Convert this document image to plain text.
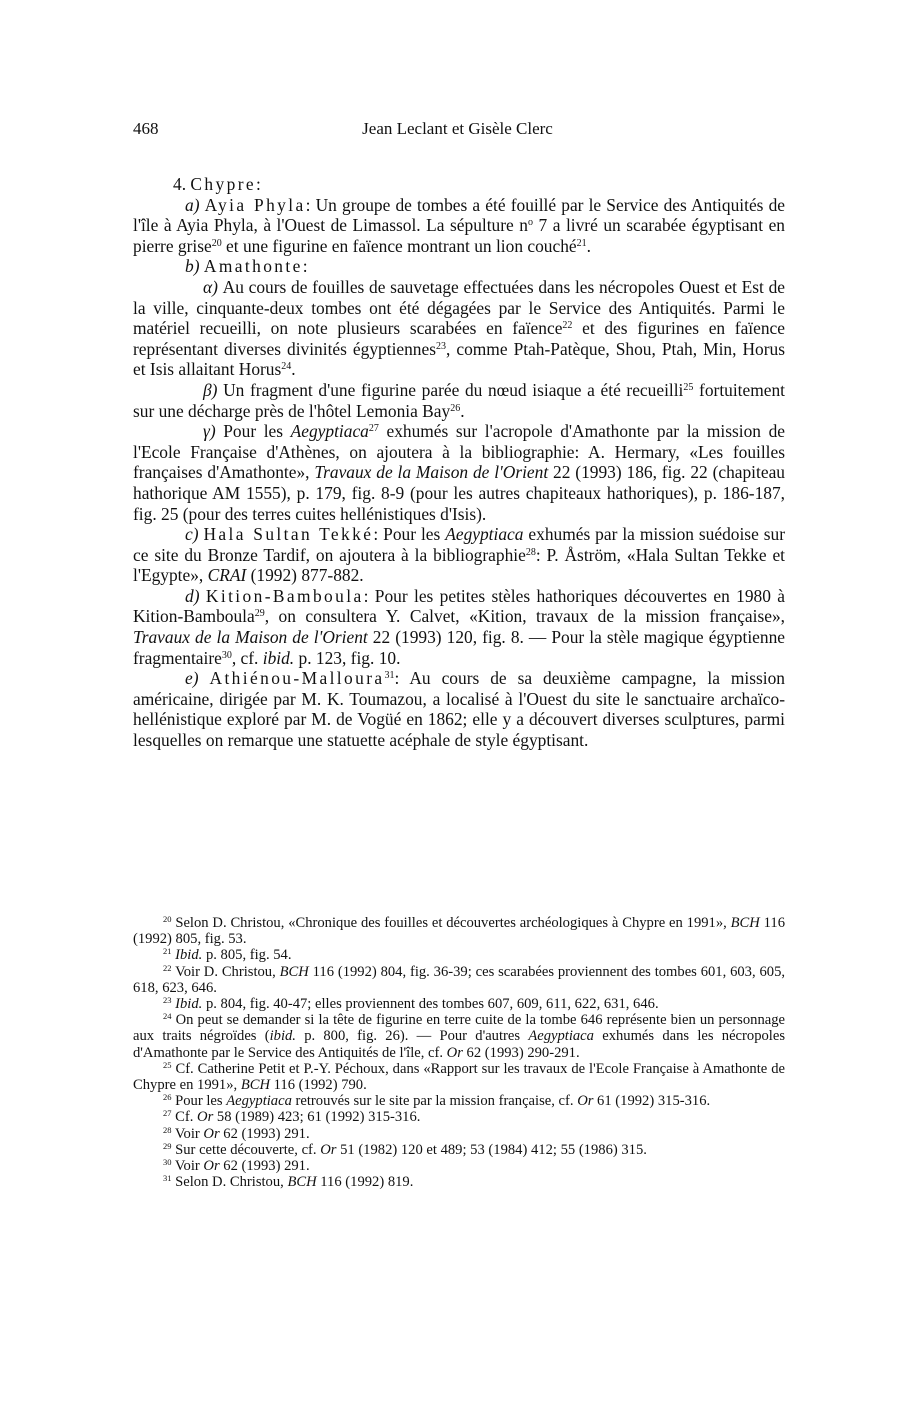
468	Jean Leclant et Gisèle Clerc

4. Chypre:

a) Ayia Phyla: Un groupe de tombes a été fouillé par le Service des Antiquités de l'île à Ayia Phyla, à l'Ouest de Limassol. La sépulture $n^o$ 7 a livré un scarabée égyptisant en pierre grise$^{20}$ et une figurine en faïence montrant un lion couché$^{21}$.

b) Amathonte:

α) Au cours de fouilles de sauvetage effectuées dans les nécropoles Ouest et Est de la ville, cinquante-deux tombes ont été dégagées par le Service des Antiquités. Parmi le matériel recueilli, on note plusieurs scarabées en faïence$^{22}$ et des figurines en faïence représentant diverses divinités égyptiennes$^{23}$, comme Ptah-Patèque, Shou, Ptah, Min, Horus et Isis allaitant Horus$^{24}$.

β) Un fragment d'une figurine parée du nœud isiaque a été recueilli$^{25}$ fortuitement sur une décharge près de l'hôtel Lemonia Bay$^{26}$.

γ) Pour les Aegyptiaca$^{27}$ exhumés sur l'acropole d'Amathonte par la mission de l'Ecole Française d'Athènes, on ajoutera à la bibliographie: A. Hermary, «Les fouilles françaises d'Amathonte», Travaux de la Maison de l'Orient 22 (1993) 186, fig. 22 (chapiteau hathorique AM 1555), p. 179, fig. 8-9 (pour les autres chapiteaux hathoriques), p. 186-187, fig. 25 (pour des terres cuites hellénistiques d'Isis).

c) Hala Sultan Tekké: Pour les Aegyptiaca exhumés par la mission suédoise sur ce site du Bronze Tardif, on ajoutera à la bibliographie$^{28}$: P. Åström, «Hala Sultan Tekke et l'Egypte», CRAI (1992) 877-882.

d) Kition-Bamboula: Pour les petites stèles hathoriques découvertes en 1980 à Kition-Bamboula$^{29}$, on consultera Y. Calvet, «Kition, travaux de la mission française», Travaux de la Maison de l'Orient 22 (1993) 120, fig. 8. — Pour la stèle magique égyptienne fragmentaire$^{30}$, cf. ibid. p. 123, fig. 10.

e) Athiénou-Malloura$^{31}$: Au cours de sa deuxième campagne, la mission américaine, dirigée par M. K. Toumazou, a localisé à l'Ouest du site le sanctuaire archaïco-hellénistique exploré par M. de Vogüé en 1862; elle y a découvert diverses sculptures, parmi lesquelles on remarque une statuette acéphale de style égyptisant.

$^{20}$ Selon D. Christou, «Chronique des fouilles et découvertes archéologiques à Chypre en 1991», BCH 116 (1992) 805, fig. 53.

$^{21}$ Ibid. p. 805, fig. 54.

$^{22}$ Voir D. Christou, BCH 116 (1992) 804, fig. 36-39; ces scarabées proviennent des tombes 601, 603, 605, 618, 623, 646.

$^{23}$ Ibid. p. 804, fig. 40-47; elles proviennent des tombes 607, 609, 611, 622, 631, 646.

$^{24}$ On peut se demander si la tête de figurine en terre cuite de la tombe 646 représente bien un personnage aux traits négroïdes (ibid. p. 800, fig. 26). — Pour d'autres Aegyptiaca exhumés dans les nécropoles d'Amathonte par le Service des Antiquités de l'île, cf. Or 62 (1993) 290-291.

$^{25}$ Cf. Catherine Petit et P.-Y. Péchoux, dans «Rapport sur les travaux de l'Ecole Française à Amathonte de Chypre en 1991», BCH 116 (1992) 790.

$^{26}$ Pour les Aegyptiaca retrouvés sur le site par la mission française, cf. Or 61 (1992) 315-316.

$^{27}$ Cf. Or 58 (1989) 423; 61 (1992) 315-316.

$^{28}$ Voir Or 62 (1993) 291.

$^{29}$ Sur cette découverte, cf. Or 51 (1982) 120 et 489; 53 (1984) 412; 55 (1986) 315.

$^{30}$ Voir Or 62 (1993) 291.

$^{31}$ Selon D. Christou, BCH 116 (1992) 819.
